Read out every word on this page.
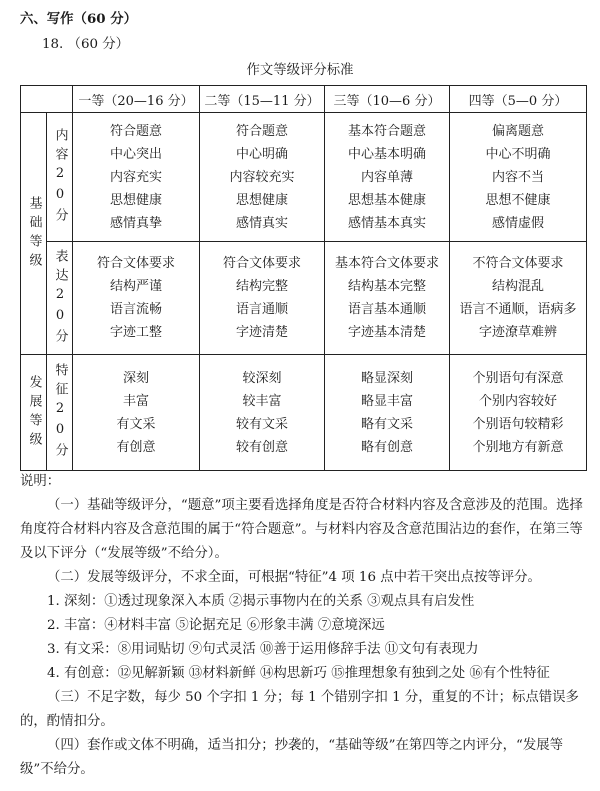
六、写作（60 分）
18. （60 分）
作文等级评分标准
		一等（20—16 分）	二等（15—11 分）	三等（10—6 分）	四等（5—0 分）

基础等级	内容20分	符合题意
中心突出
内容充实
思想健康
感情真挚	符合题意
中心明确
内容较充实
思想健康
感情真实	基本符合题意
中心基本明确
内容单薄
思想基本健康
感情基本真实	偏离题意
中心不明确
内容不当
思想不健康
感情虚假

	表达20分	符合文体要求
结构严谨
语言流畅
字迹工整	符合文体要求
结构完整
语言通顺
字迹清楚	基本符合文体要求
结构基本完整
语言基本通顺
字迹基本清楚	不符合文体要求
结构混乱
语言不通顺，语病多
字迹潦草难辨

发展等级	特征20分	深刻
丰富
有文采
有创意	较深刻
较丰富
较有文采
较有创意	略显深刻
略显丰富
略有文采
略有创意	个别语句有深意
个别内容较好
个别语句较精彩
个别地方有新意

说明：

（一）基础等级评分，“题意”项主要看选择角度是否符合材料内容及含意涉及的范围。选择角度符合材料内容及含意范围的属于“符合题意”。与材料内容及含意范围沾边的套作，在第三等及以下评分（“发展等级”不给分）。

（二）发展等级评分，不求全面，可根据“特征”4 项 16 点中若干突出点按等评分。

1. 深刻：①透过现象深入本质 ②揭示事物内在的关系 ③观点具有启发性

2. 丰富：④材料丰富 ⑤论据充足 ⑥形象丰满 ⑦意境深远

3. 有文采：⑧用词贴切 ⑨句式灵活 ⑩善于运用修辞手法 ⑪文句有表现力

4. 有创意：⑫见解新颖 ⑬材料新鲜 ⑭构思新巧 ⑮推理想象有独到之处 ⑯有个性特征

（三）不足字数，每少 50 个字扣 1 分；每 1 个错别字扣 1 分，重复的不计；标点错误多的，酌情扣分。

（四）套作或文体不明确，适当扣分；抄袭的，“基础等级”在第四等之内评分，“发展等级”不给分。
